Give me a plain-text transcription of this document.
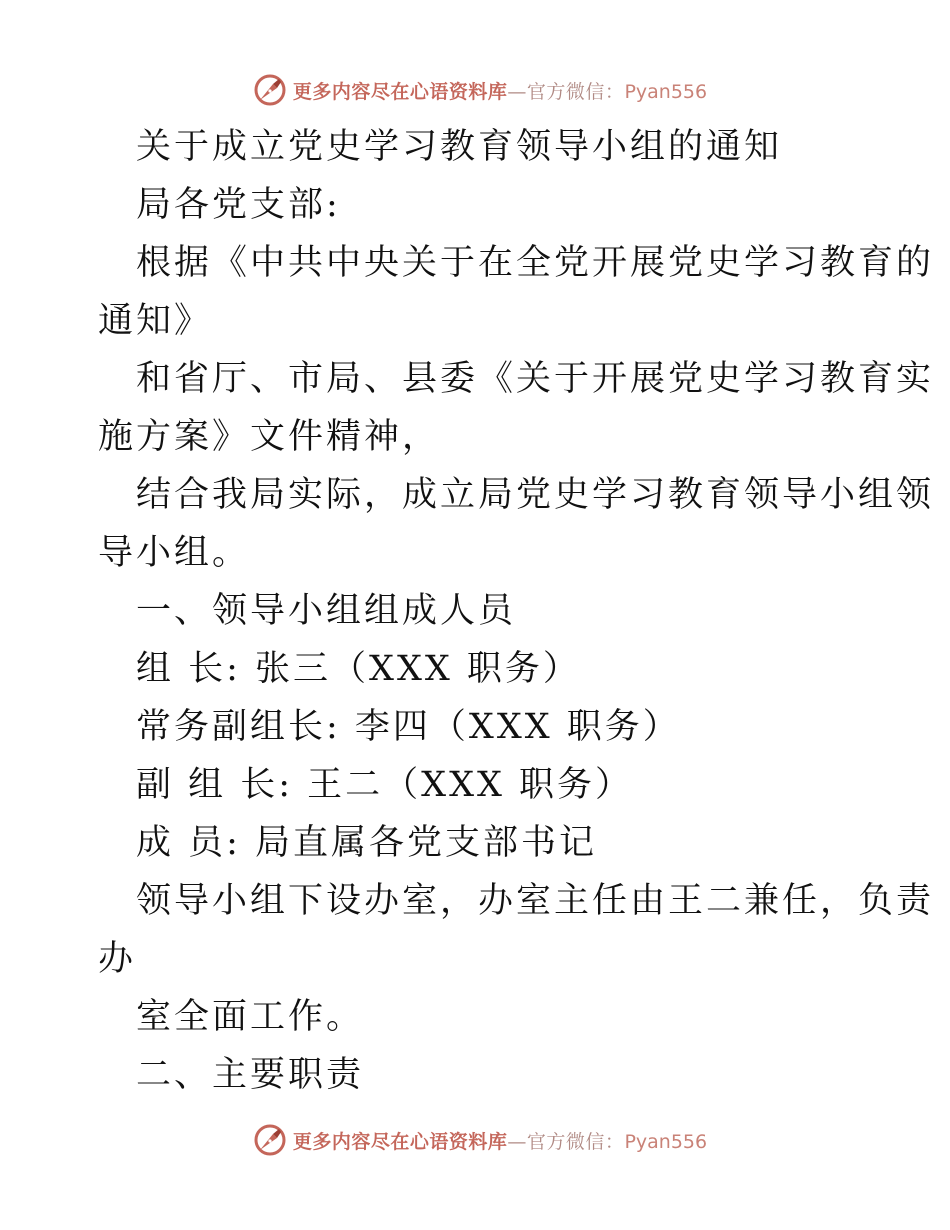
更多内容尽在心语资料库—官方微信：Pyan556
关于成立党史学习教育领导小组的通知
局各党支部:
根据《中共中央关于在全党开展党史学习教育的
通知》
和省厅、市局、县委《关于开展党史学习教育实
施方案》文件精神，
结合我局实际，成立局党史学习教育领导小组领
导小组。
一、领导小组组成人员
组 长: 张三（XXX 职务）
常务副组长: 李四（XXX 职务）
副 组 长: 王二（XXX 职务）
成 员: 局直属各党支部书记
领导小组下设办室，办室主任由王二兼任，负责
办
室全面工作。
二、主要职责
更多内容尽在心语资料库—官方微信：Pyan556
